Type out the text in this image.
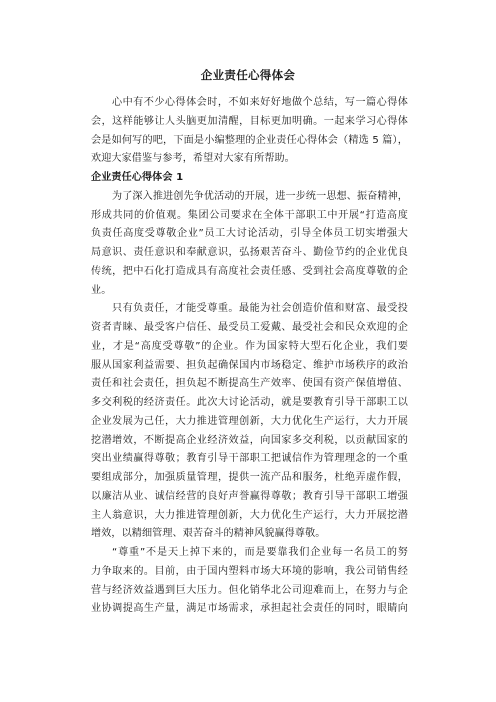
企业责任心得体会
心中有不少心得体会时，不如来好好地做个总结，写一篇心得体
会，这样能够让人头脑更加清醒，目标更加明确。一起来学习心得体
会是如何写的吧，下面是小编整理的企业责任心得体会（精选 5 篇），
欢迎大家借鉴与参考，希望对大家有所帮助。
企业责任心得体会 1
为了深入推进创先争优活动的开展，进一步统一思想、振奋精神，
形成共同的价值观。集团公司要求在全体干部职工中开展“打造高度
负责任高度受尊敬企业”员工大讨论活动，引导全体员工切实增强大
局意识、责任意识和奉献意识，弘扬艰苦奋斗、勤俭节约的企业优良
传统，把中石化打造成具有高度社会责任感、受到社会高度尊敬的企
业。
只有负责任，才能受尊重。最能为社会创造价值和财富、最受投
资者青睐、最受客户信任、最受员工爱戴、最受社会和民众欢迎的企
业，才是“高度受尊敬”的企业。作为国家特大型石化企业，我们要
服从国家利益需要、担负起确保国内市场稳定、维护市场秩序的政治
责任和社会责任，担负起不断提高生产效率、使国有资产保值增值、
多交利税的经济责任。此次大讨论活动，就是要教育引导干部职工以
企业发展为己任，大力推进管理创新，大力优化生产运行，大力开展
挖潜增效，不断提高企业经济效益，向国家多交利税，以贡献国家的
突出业绩赢得尊敬；教育引导干部职工把诚信作为管理理念的一个重
要组成部分，加强质量管理，提供一流产品和服务，杜绝弄虚作假，
以廉洁从业、诚信经营的良好声誉赢得尊敬；教育引导干部职工增强
主人翁意识，大力推进管理创新，大力优化生产运行，大力开展挖潜
增效，以精细管理、艰苦奋斗的精神风貌赢得尊敬。
“尊重”不是天上掉下来的，而是要靠我们企业每一名员工的努
力争取来的。目前，由于国内塑料市场大环境的影响，我公司销售经
营与经济效益遇到巨大压力。但化销华北公司迎难而上，在努力与企
业协调提高生产量，满足市场需求，承担起社会责任的同时，眼睛向
